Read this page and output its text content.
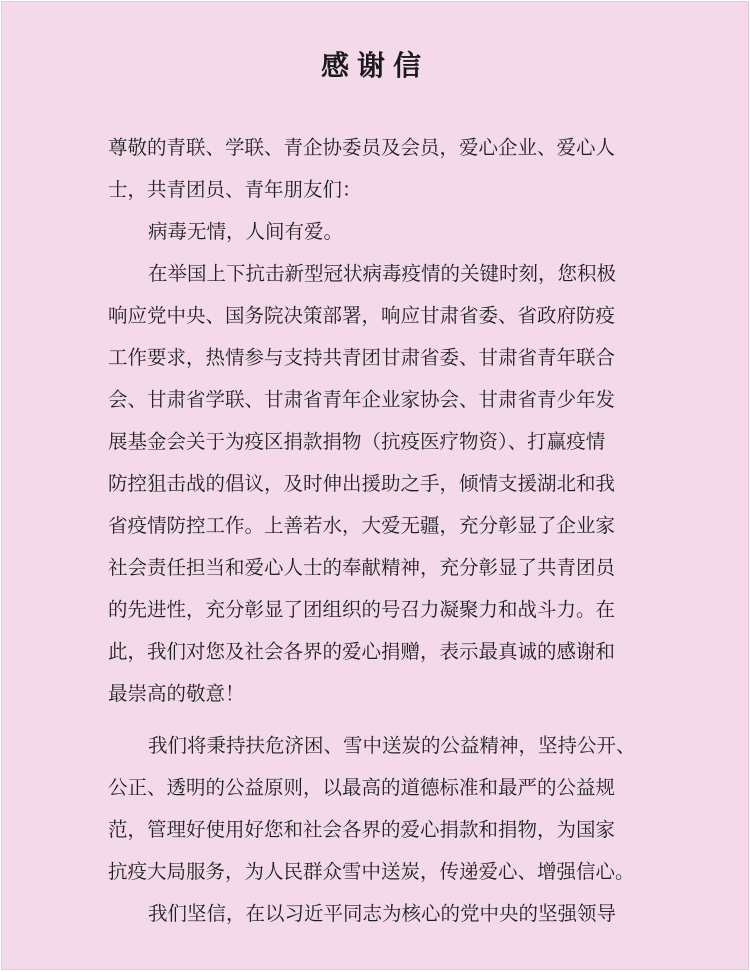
感谢信
尊敬的青联、学联、青企协委员及会员，爱心企业、爱心人
士，共青团员、青年朋友们：
病毒无情，人间有爱。
在举国上下抗击新型冠状病毒疫情的关键时刻，您积极
响应党中央、国务院决策部署，响应甘肃省委、省政府防疫
工作要求，热情参与支持共青团甘肃省委、甘肃省青年联合
会、甘肃省学联、甘肃省青年企业家协会、甘肃省青少年发
展基金会关于为疫区捐款捐物（抗疫医疗物资）、打赢疫情
防控狙击战的倡议，及时伸出援助之手，倾情支援湖北和我
省疫情防控工作。上善若水，大爱无疆，充分彰显了企业家
社会责任担当和爱心人士的奉献精神，充分彰显了共青团员
的先进性，充分彰显了团组织的号召力凝聚力和战斗力。在
此，我们对您及社会各界的爱心捐赠，表示最真诚的感谢和
最崇高的敬意！
我们将秉持扶危济困、雪中送炭的公益精神，坚持公开、
公正、透明的公益原则，以最高的道德标准和最严的公益规
范，管理好使用好您和社会各界的爱心捐款和捐物，为国家
抗疫大局服务，为人民群众雪中送炭，传递爱心、增强信心。
我们坚信，在以习近平同志为核心的党中央的坚强领导
